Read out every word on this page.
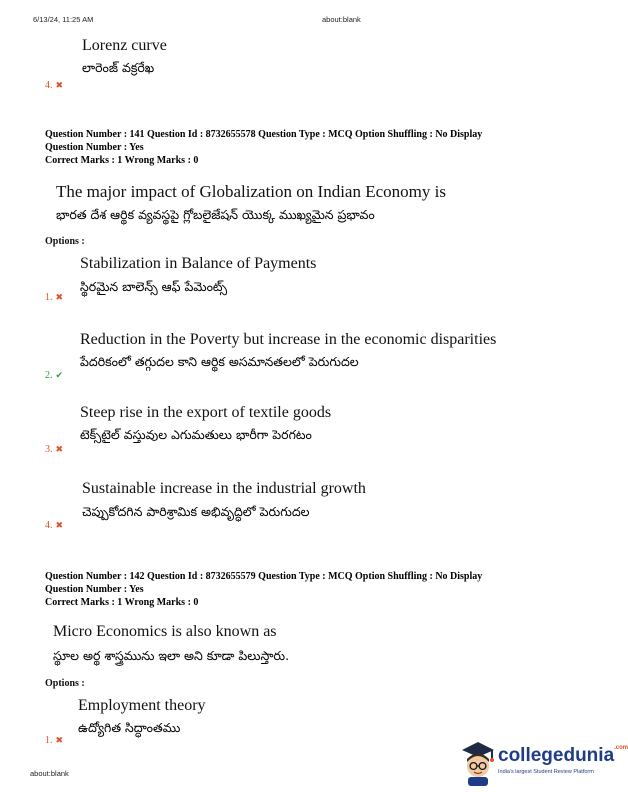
6/13/24, 11:25 AM	about:blank
Lorenz curve
లారెంజ్ వక్రరేఖ
4. ✖
Question Number : 141 Question Id : 8732655578 Question Type : MCQ Option Shuffling : No Display
Question Number : Yes
Correct Marks : 1 Wrong Marks : 0
The major impact of Globalization on Indian Economy is
భారత దేశ ఆర్థిక వ్యవస్థపై గ్లోబలైజేషన్ యొక్క ముఖ్యమైన ప్రభావం
Options :
Stabilization in Balance of Payments
స్థిరమైన బాలెన్స్ ఆఫ్ పేమెంట్స్
1. ✖
Reduction in the Poverty but increase in the economic disparities
పేదరికంలో తగ్గుదల కాని ఆర్థిక అసమానతలలో పెరుగుదల
2. ✔
Steep rise in the export of textile goods
టెక్స్‌టైల్ వస్తువుల ఎగుమతులు భారీగా పెరగటం
3. ✖
Sustainable increase in the industrial growth
చెప్పుకోదగిన పారిశ్రామిక అభివృద్ధిలో పెరుగుదల
4. ✖
Question Number : 142 Question Id : 8732655579 Question Type : MCQ Option Shuffling : No Display
Question Number : Yes
Correct Marks : 1 Wrong Marks : 0
Micro Economics is also known as
స్థూల అర్థ శాస్త్రమును ఇలా అని కూడా పిలుస్తారు.
Options :
Employment theory
ఉద్యోగిత సిద్ధాంతము
1. ✖
about:blank
collegedunia$^{.com}$
India's largest Student Review Platform
